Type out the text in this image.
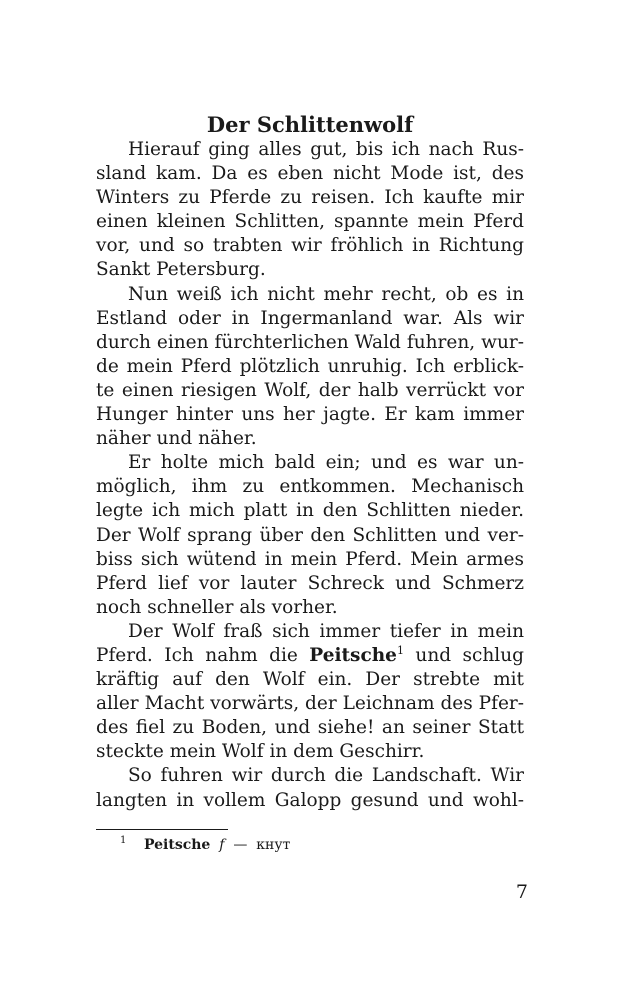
Der Schlittenwolf

Hierauf ging alles gut, bis ich nach Rus-
sland kam. Da es eben nicht Mode ist, des
Winters zu Pferde zu reisen. Ich kaufte mir
einen kleinen Schlitten, spannte mein Pferd
vor, und so trabten wir fröhlich in Richtung
Sankt Petersburg.

Nun weiß ich nicht mehr recht, ob es in
Estland oder in Ingermanland war. Als wir
durch einen fürchterlichen Wald fuhren, wur-
de mein Pferd plötzlich unruhig. Ich erblick-
te einen riesigen Wolf, der halb verrückt vor
Hunger hinter uns her jagte. Er kam immer
näher und näher.

Er holte mich bald ein; und es war un-
möglich, ihm zu entkommen. Mechanisch
legte ich mich platt in den Schlitten nieder.
Der Wolf sprang über den Schlitten und ver-
biss sich wütend in mein Pferd. Mein armes
Pferd lief vor lauter Schreck und Schmerz
noch schneller als vorher.

Der Wolf fraß sich immer tiefer in mein
Pferd. Ich nahm die Peitsche$^1$ und schlug
kräftig auf den Wolf ein. Der strebte mit
aller Macht vorwärts, der Leichnam des Pfer-
des fiel zu Boden, und siehe! an seiner Statt
steckte mein Wolf in dem Geschirr.

So fuhren wir durch die Landschaft. Wir
langten in vollem Galopp gesund und wohl-

1 Peitsche f — кнут
7
